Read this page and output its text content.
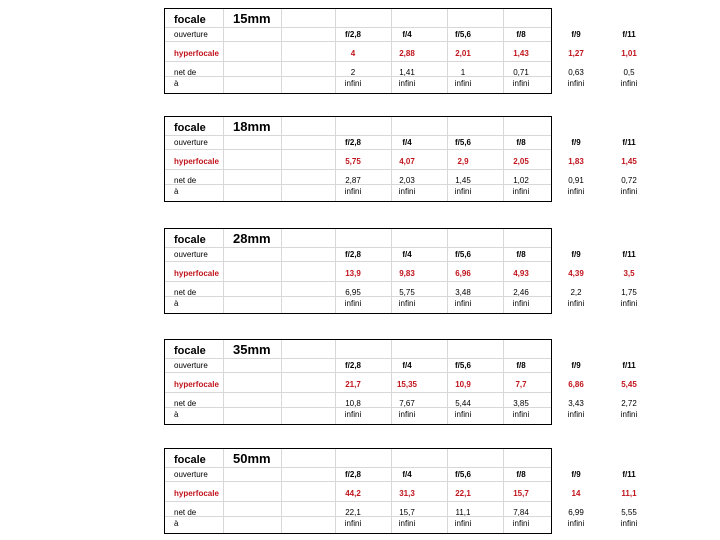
focale 15mm
ouverture	f/2,8	f/4	f/5,6	f/8	f/9	f/11
hyperfocale	4	2,88	2,01	1,43	1,27	1,01
net de	2	1,41	1	0,71	0,63	0,5
à	infini	infini	infini	infini	infini	infini
focale 18mm
ouverture	f/2,8	f/4	f/5,6	f/8	f/9	f/11
hyperfocale	5,75	4,07	2,9	2,05	1,83	1,45
net de	2,87	2,03	1,45	1,02	0,91	0,72
à	infini	infini	infini	infini	infini	infini
focale 28mm
ouverture	f/2,8	f/4	f/5,6	f/8	f/9	f/11
hyperfocale	13,9	9,83	6,96	4,93	4,39	3,5
net de	6,95	5,75	3,48	2,46	2,2	1,75
à	infini	infini	infini	infini	infini	infini
focale 35mm
ouverture	f/2,8	f/4	f/5,6	f/8	f/9	f/11
hyperfocale	21,7	15,35	10,9	7,7	6,86	5,45
net de	10,8	7,67	5,44	3,85	3,43	2,72
à	infini	infini	infini	infini	infini	infini
focale 50mm
ouverture	f/2,8	f/4	f/5,6	f/8	f/9	f/11
hyperfocale	44,2	31,3	22,1	15,7	14	11,1
net de	22,1	15,7	11,1	7,84	6,99	5,55
à	infini	infini	infini	infini	infini	infini
